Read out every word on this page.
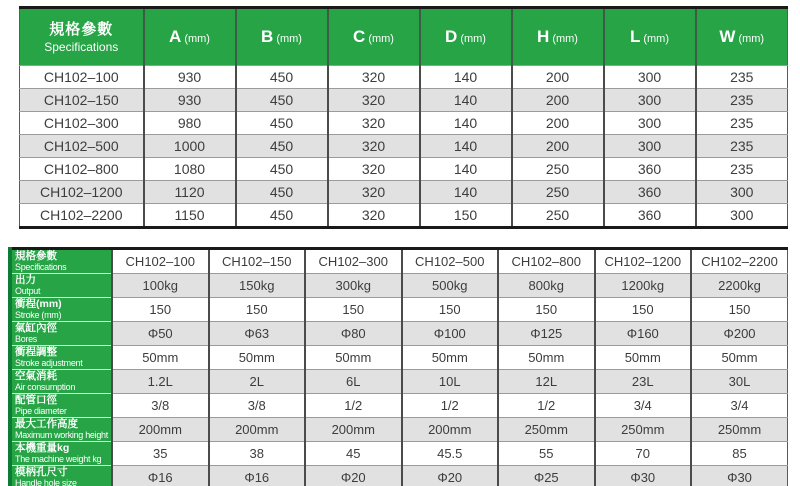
規格參數
Specifications	A (mm)	B (mm)	C (mm)	D (mm)	H (mm)	L (mm)	W (mm)
CH102–100	930	450	320	140	200	300	235
CH102–150	930	450	320	140	200	300	235
CH102–300	980	450	320	140	200	300	235
CH102–500	1000	450	320	140	200	300	235
CH102–800	1080	450	320	140	250	360	235
CH102–1200	1120	450	320	140	250	360	300
CH102–2200	1150	450	320	150	250	360	300
規格參數
Specifications	CH102–100	CH102–150	CH102–300	CH102–500	CH102–800	CH102–1200	CH102–2200

出力
Output	100kg	150kg	300kg	500kg	800kg	1200kg	2200kg

衝程(mm)
Stroke (mm)	150	150	150	150	150	150	150

氣缸內徑
Bores	Φ50	Φ63	Φ80	Φ100	Φ125	Φ160	Φ200

衝程調整
Stroke adjustment	50mm	50mm	50mm	50mm	50mm	50mm	50mm

空氣消耗
Air consumption	1.2L	2L	6L	10L	12L	23L	30L

配管口徑
Pipe diameter	3/8	3/8	1/2	1/2	1/2	3/4	3/4

最大工作高度
Maximum working height	200mm	200mm	200mm	200mm	250mm	250mm	250mm

本機重量kg
The machine weight kg	35	38	45	45.5	55	70	85

模柄孔尺寸
Handle hole size	Φ16	Φ16	Φ20	Φ20	Φ25	Φ30	Φ30
